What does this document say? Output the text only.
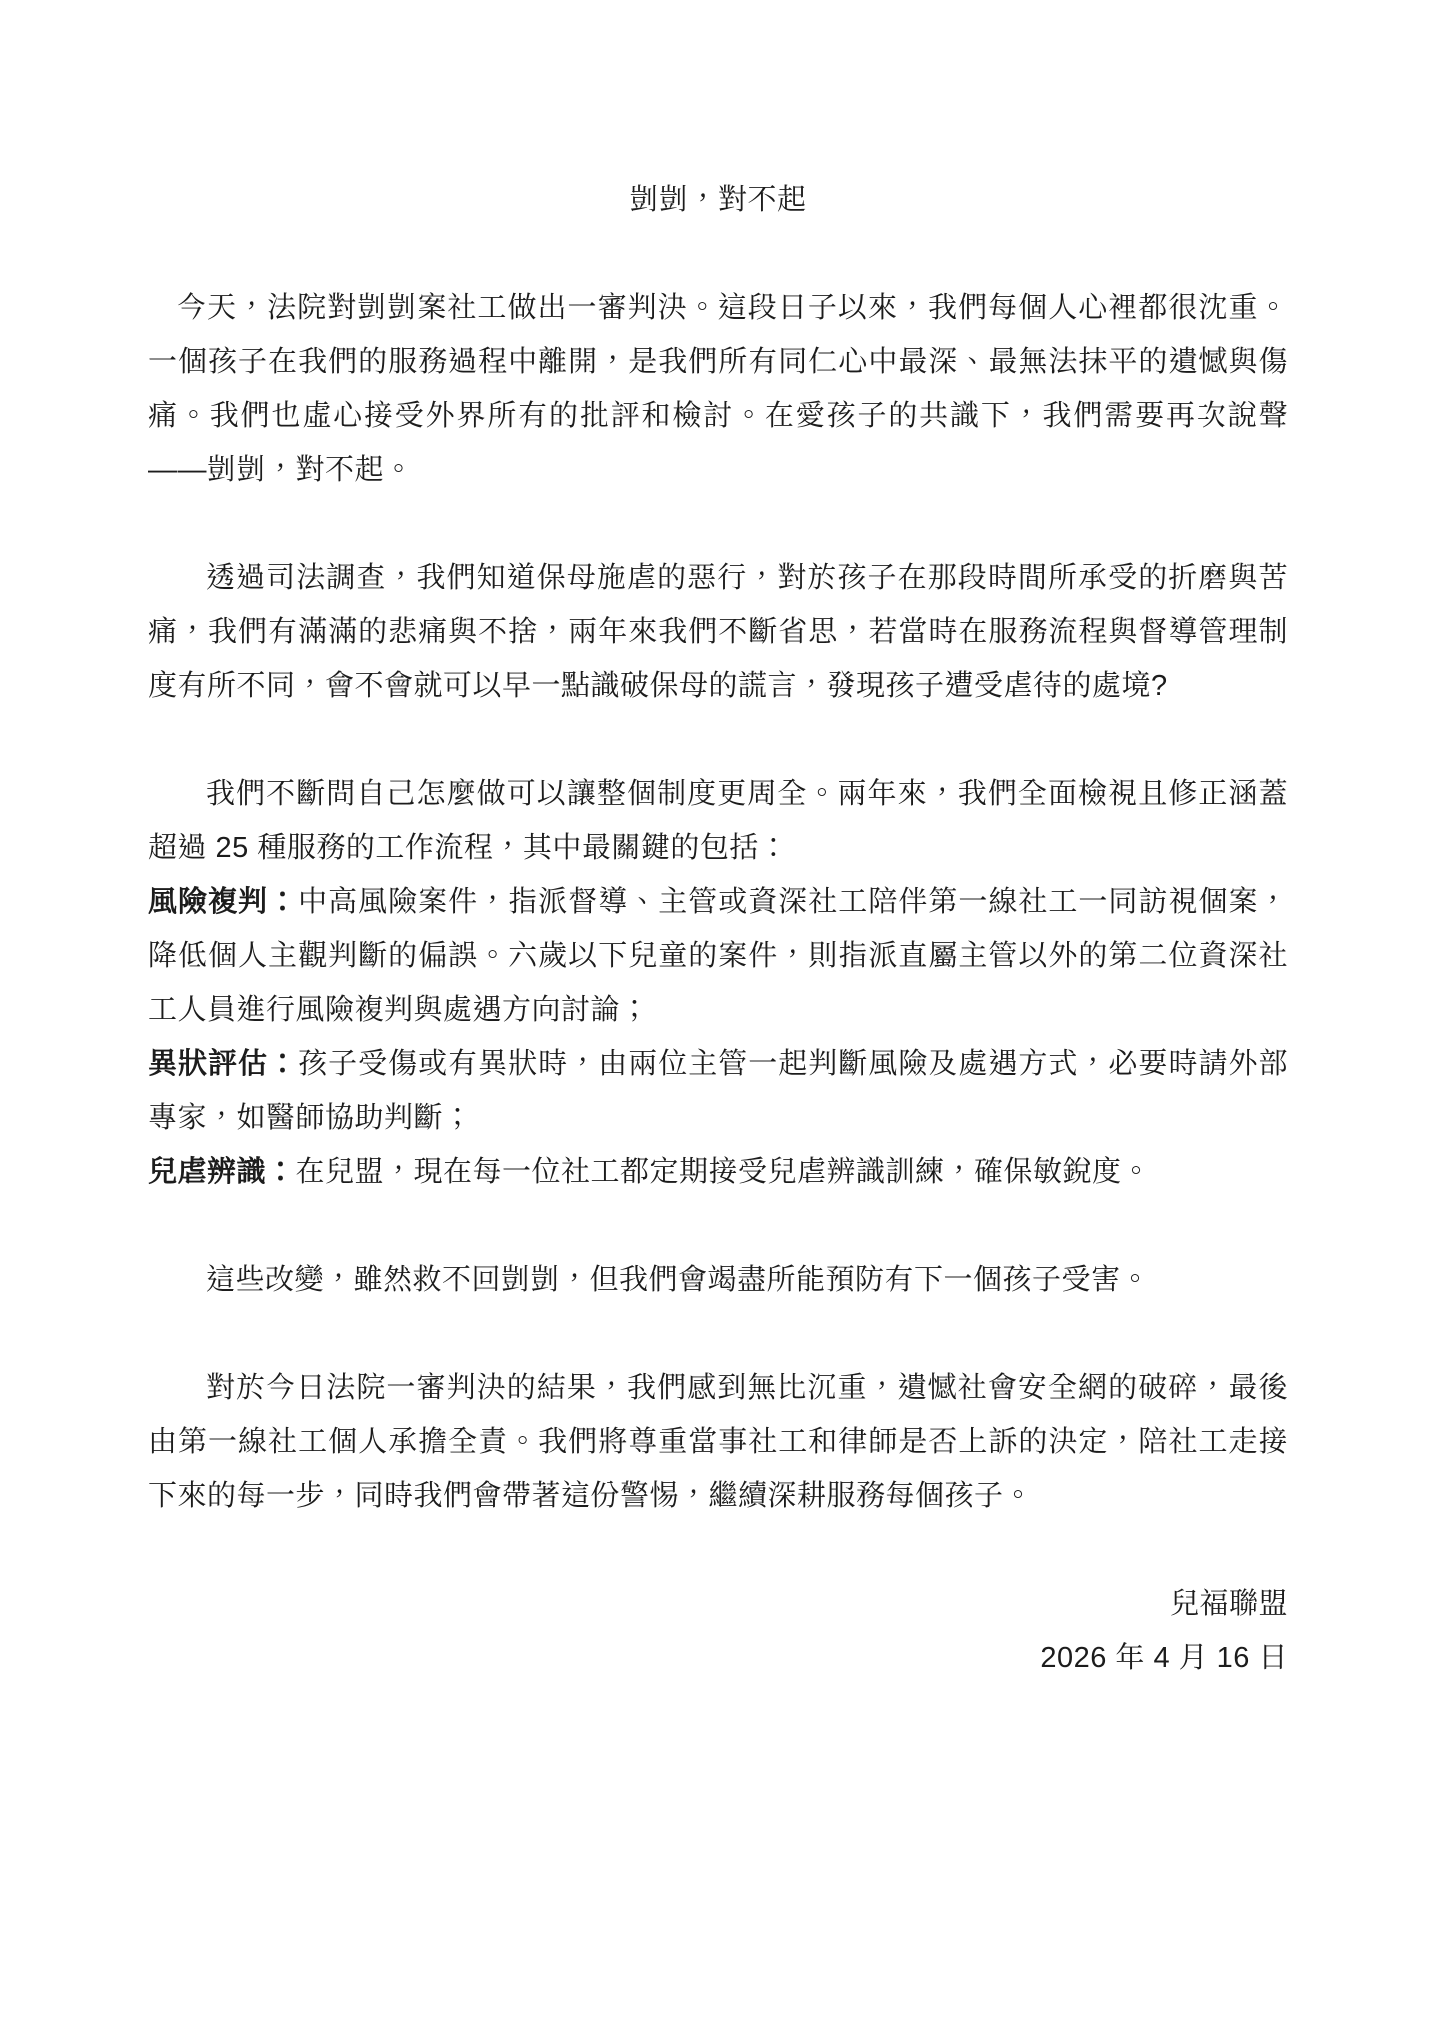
剴剴，對不起

今天，法院對剴剴案社工做出一審判決。這段日子以來，我們每個人心裡都很沈重。一個孩子在我們的服務過程中離開，是我們所有同仁心中最深、最無法抹平的遺憾與傷痛。我們也虛心接受外界所有的批評和檢討。在愛孩子的共識下，我們需要再次說聲——剴剴，對不起。

透過司法調查，我們知道保母施虐的惡行，對於孩子在那段時間所承受的折磨與苦痛，我們有滿滿的悲痛與不捨，兩年來我們不斷省思，若當時在服務流程與督導管理制度有所不同，會不會就可以早一點識破保母的謊言，發現孩子遭受虐待的處境?

我們不斷問自己怎麼做可以讓整個制度更周全。兩年來，我們全面檢視且修正涵蓋超過 25 種服務的工作流程，其中最關鍵的包括：

風險複判：中高風險案件，指派督導、主管或資深社工陪伴第一線社工一同訪視個案，降低個人主觀判斷的偏誤。六歲以下兒童的案件，則指派直屬主管以外的第二位資深社工人員進行風險複判與處遇方向討論；

異狀評估：孩子受傷或有異狀時，由兩位主管一起判斷風險及處遇方式，必要時請外部專家，如醫師協助判斷；

兒虐辨識：在兒盟，現在每一位社工都定期接受兒虐辨識訓練，確保敏銳度。

這些改變，雖然救不回剴剴，但我們會竭盡所能預防有下一個孩子受害。

對於今日法院一審判決的結果，我們感到無比沉重，遺憾社會安全網的破碎，最後由第一線社工個人承擔全責。我們將尊重當事社工和律師是否上訴的決定，陪社工走接下來的每一步，同時我們會帶著這份警惕，繼續深耕服務每個孩子。

兒福聯盟

2026 年 4 月 16 日
